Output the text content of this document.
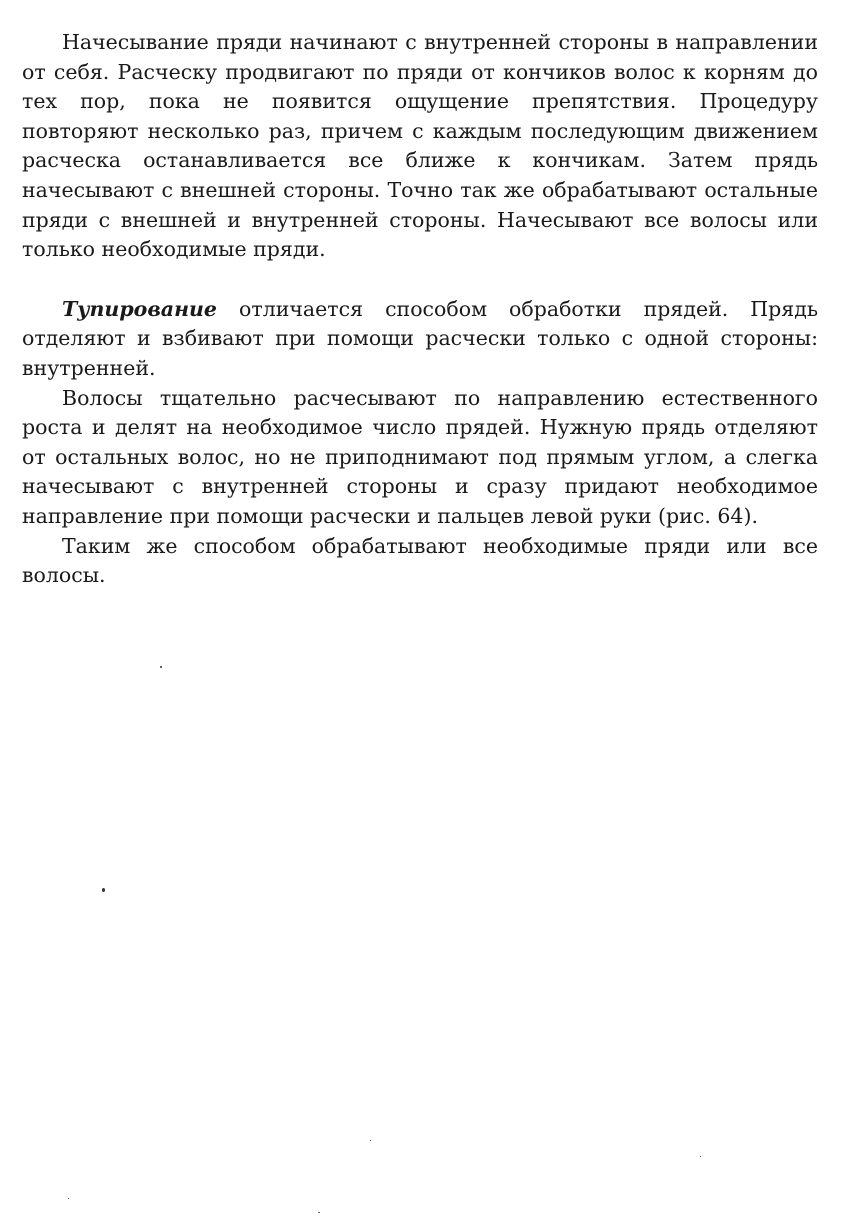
Начесывание пряди начинают с внутренней стороны в направлении от себя. Расческу продвигают по пряди от кончиков волос к корням до тех пор, пока не появится ощущение препятствия. Процедуру повторяют несколько раз, причем с каждым последующим движением расческа останавливается все ближе к кончикам. Затем прядь начесывают с внешней стороны. Точно так же обрабатывают остальные пряди с внешней и внутренней стороны. Начесывают все волосы или только необходимые пряди.

Тупирование отличается способом обработки прядей. Прядь отделяют и взбивают при помощи расчески только с одной стороны: внутренней.

Волосы тщательно расчесывают по направлению естественного роста и делят на необходимое число прядей. Нужную прядь отделяют от остальных волос, но не приподнимают под прямым углом, а слегка начесывают с внутренней стороны и сразу придают необходимое направление при помощи расчески и пальцев левой руки (рис. 64).

Таким же способом обрабатывают необходимые пряди или все волосы.
